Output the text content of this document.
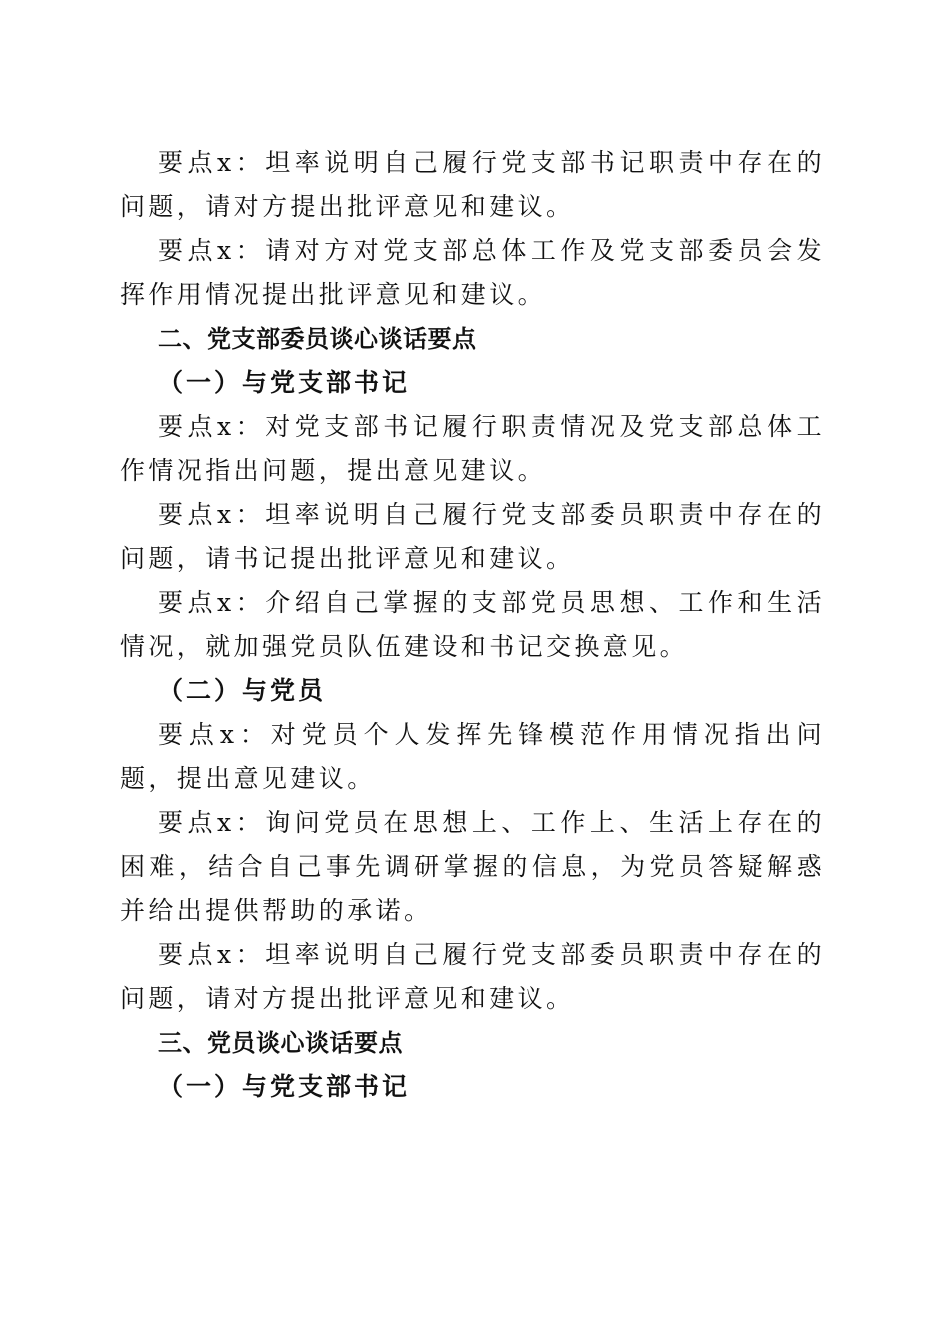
要点x：坦率说明自己履行党支部书记职责中存在的问题，请对方提出批评意见和建议。

要点x：请对方对党支部总体工作及党支部委员会发挥作用情况提出批评意见和建议。

二、党支部委员谈心谈话要点

（一）与党支部书记

要点x：对党支部书记履行职责情况及党支部总体工作情况指出问题，提出意见建议。

要点x：坦率说明自己履行党支部委员职责中存在的问题，请书记提出批评意见和建议。

要点x：介绍自己掌握的支部党员思想、工作和生活情况，就加强党员队伍建设和书记交换意见。

（二）与党员

要点x：对党员个人发挥先锋模范作用情况指出问题，提出意见建议。

要点x：询问党员在思想上、工作上、生活上存在的困难，结合自己事先调研掌握的信息，为党员答疑解惑并给出提供帮助的承诺。

要点x：坦率说明自己履行党支部委员职责中存在的问题，请对方提出批评意见和建议。

三、党员谈心谈话要点

（一）与党支部书记
